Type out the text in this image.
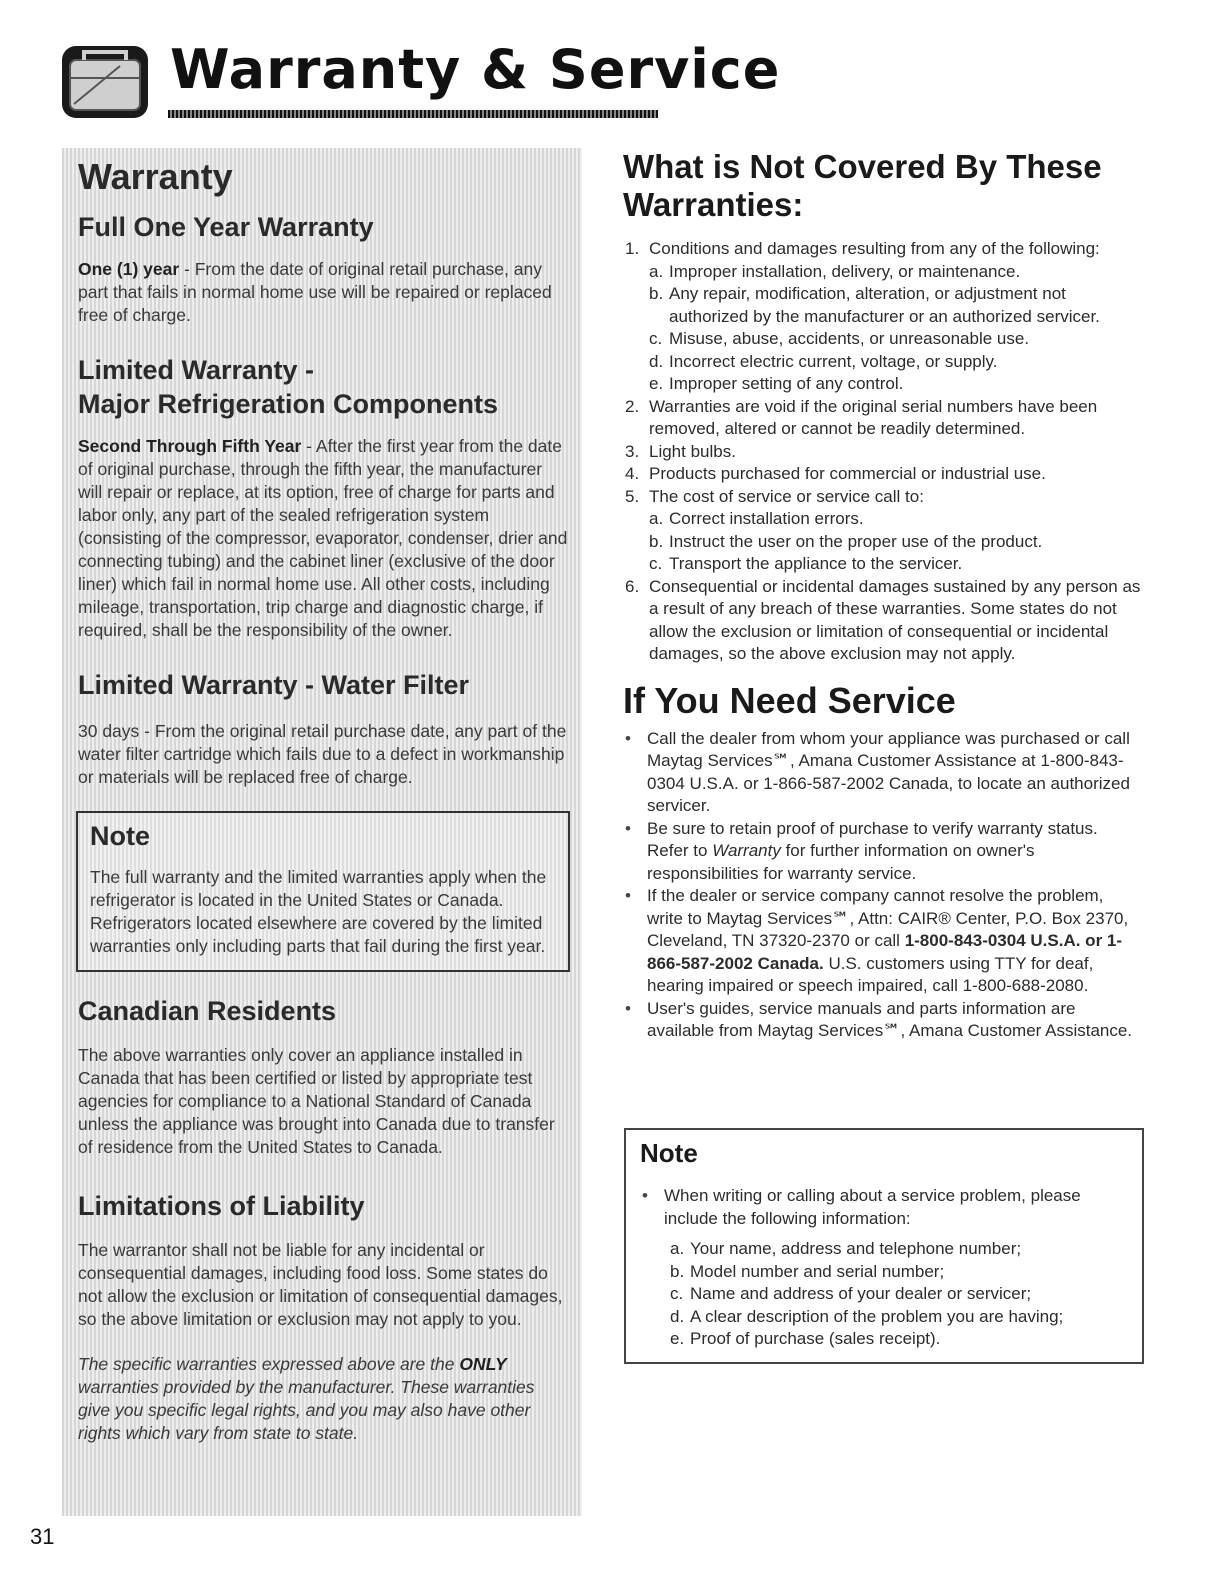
Warranty & Service
Warranty
Full One Year Warranty

One (1) year - From the date of original retail purchase, any part that fails in normal home use will be repaired or replaced free of charge.

Limited Warranty -
Major Refrigeration Components

Second Through Fifth Year - After the first year from the date of original purchase, through the fifth year, the manufacturer will repair or replace, at its option, free of charge for parts and labor only, any part of the sealed refrigeration system (consisting of the compressor, evaporator, condenser, drier and connecting tubing) and the cabinet liner (exclusive of the door liner) which fail in normal home use. All other costs, including mileage, transportation, trip charge and diagnostic charge, if required, shall be the responsibility of the owner.

Limited Warranty - Water Filter

30 days - From the original retail purchase date, any part of the water filter cartridge which fails due to a defect in workmanship or materials will be replaced free of charge.

Note

The full warranty and the limited warranties apply when the refrigerator is located in the United States or Canada. Refrigerators located elsewhere are covered by the limited warranties only including parts that fail during the first year.

Canadian Residents

The above warranties only cover an appliance installed in Canada that has been certified or listed by appropriate test agencies for compliance to a National Standard of Canada unless the appliance was brought into Canada due to transfer of residence from the United States to Canada.

Limitations of Liability

The warrantor shall not be liable for any incidental or consequential damages, including food loss. Some states do not allow the exclusion or limitation of consequential damages, so the above limitation or exclusion may not apply to you.

The specific warranties expressed above are the ONLY warranties provided by the manufacturer. These warranties give you specific legal rights, and you may also have other rights which vary from state to state.

What is Not Covered By These
Warranties:
1. Conditions and damages resulting from any of the following:
a. Improper installation, delivery, or maintenance.
b. Any repair, modification, alteration, or adjustment not authorized by the manufacturer or an authorized servicer.
c. Misuse, abuse, accidents, or unreasonable use.
d. Incorrect electric current, voltage, or supply.
e. Improper setting of any control.
2. Warranties are void if the original serial numbers have been removed, altered or cannot be readily determined.
3. Light bulbs.
4. Products purchased for commercial or industrial use.
5. The cost of service or service call to:
a. Correct installation errors.
b. Instruct the user on the proper use of the product.
c. Transport the appliance to the servicer.
6. Consequential or incidental damages sustained by any person as a result of any breach of these warranties. Some states do not allow the exclusion or limitation of consequential or incidental damages, so the above exclusion may not apply.
If You Need Service
• Call the dealer from whom your appliance was purchased or call Maytag Services℠, Amana Customer Assistance at 1-800-843-0304 U.S.A. or 1-866-587-2002 Canada, to locate an authorized servicer.
• Be sure to retain proof of purchase to verify warranty status. Refer to Warranty for further information on owner's responsibilities for warranty service.
• If the dealer or service company cannot resolve the problem, write to Maytag Services℠, Attn: CAIR® Center, P.O. Box 2370, Cleveland, TN 37320-2370 or call 1-800-843-0304 U.S.A. or 1-866-587-2002 Canada. U.S. customers using TTY for deaf, hearing impaired or speech impaired, call 1-800-688-2080.
• User's guides, service manuals and parts information are available from Maytag Services℠, Amana Customer Assistance.
Note
• When writing or calling about a service problem, please include the following information:
a. Your name, address and telephone number;
b. Model number and serial number;
c. Name and address of your dealer or servicer;
d. A clear description of the problem you are having;
e. Proof of purchase (sales receipt).
31
